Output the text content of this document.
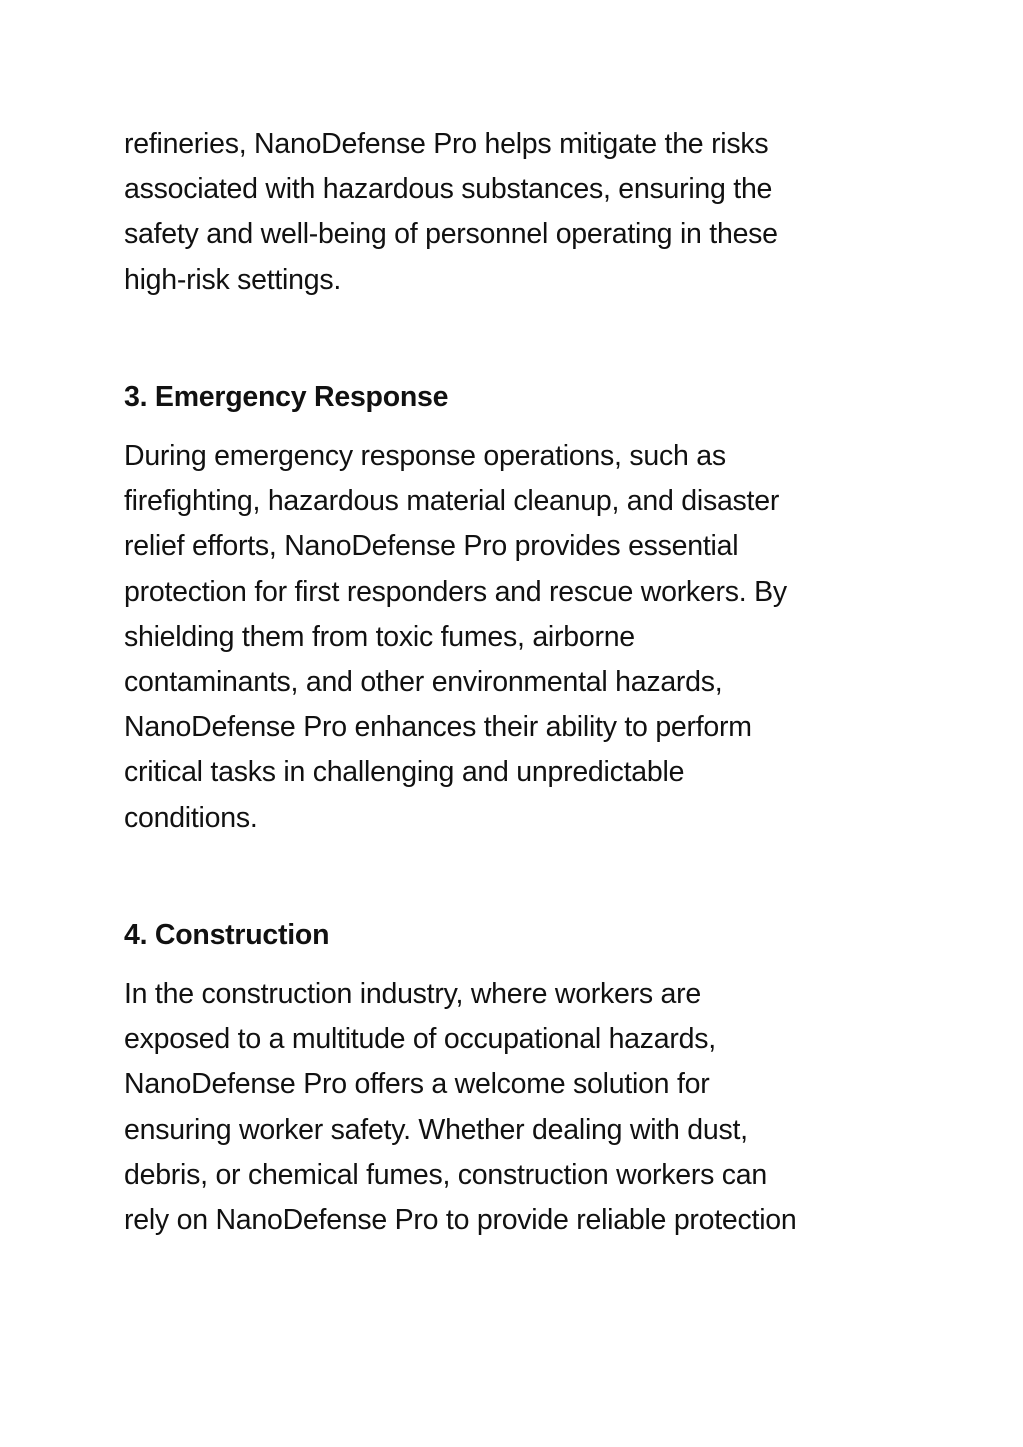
refineries, NanoDefense Pro helps mitigate the risks
associated with hazardous substances, ensuring the
safety and well-being of personnel operating in these
high-risk settings.
3. Emergency Response
During emergency response operations, such as
firefighting, hazardous material cleanup, and disaster
relief efforts, NanoDefense Pro provides essential
protection for first responders and rescue workers. By
shielding them from toxic fumes, airborne
contaminants, and other environmental hazards,
NanoDefense Pro enhances their ability to perform
critical tasks in challenging and unpredictable
conditions.
4. Construction
In the construction industry, where workers are
exposed to a multitude of occupational hazards,
NanoDefense Pro offers a welcome solution for
ensuring worker safety. Whether dealing with dust,
debris, or chemical fumes, construction workers can
rely on NanoDefense Pro to provide reliable protection
